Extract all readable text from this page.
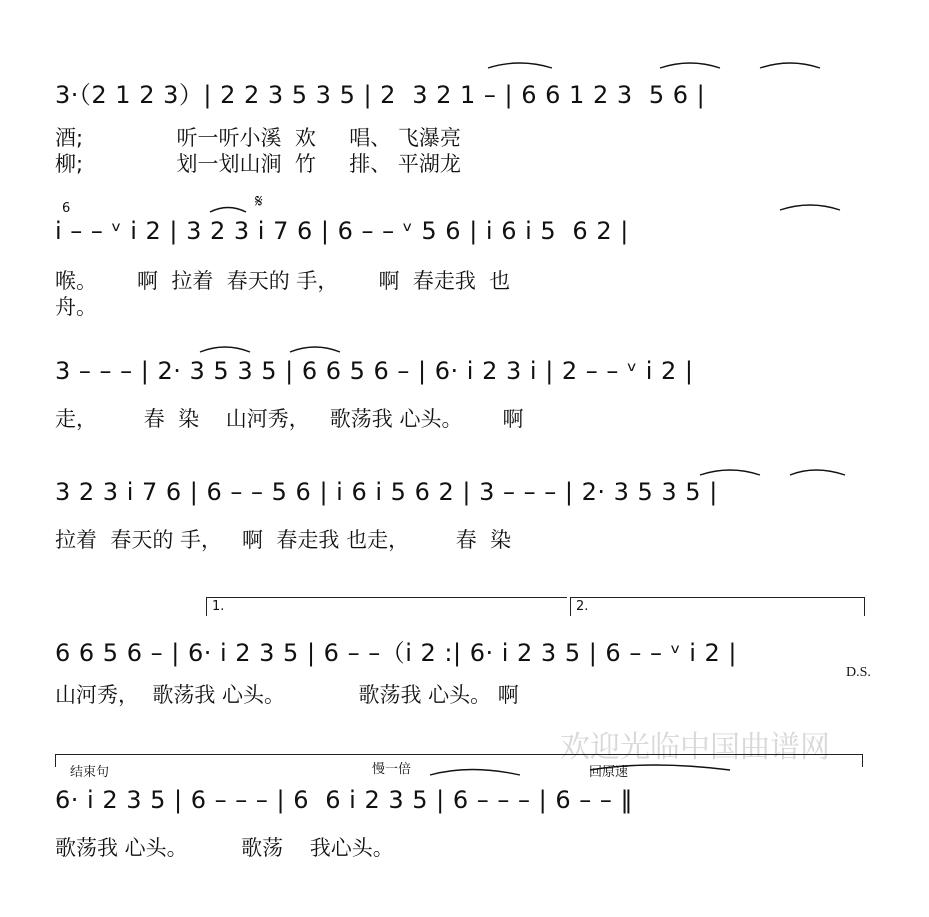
3·（2 1 2 3）| 2 2 3 5 3 5 | 2  3 2 1 – | 6 6 1 2 3  5 6 |
酒;              听一听小溪  欢     唱、 飞瀑亮
柳;              划一划山涧  竹     排、 平湖龙
6	𝄋
i – – ᵛ i 2 | 3 2 3 i 7 6 | 6 – – ᵛ 5 6 | i 6 i 5  6 2 |
喉。      啊  拉着  春天的 手，      啊  春走我  也
舟。
3 – – – | 2· 3 5 3 5 | 6 6 5 6 – | 6· i 2 3 i | 2 – – ᵛ i 2 |
走，       春  染    山河秀，   歌荡我 心头。      啊
3 2 3 i 7 6 | 6 – – 5 6 | i 6 i 5 6 2 | 3 – – – | 2· 3 5 3 5 |
拉着  春天的 手，   啊  春走我 也走，       春  染
1.	2.
6 6 5 6 – | 6· i 2 3 5 | 6 – –（i 2 :| 6· i 2 3 5 | 6 – – ᵛ i 2 |
山河秀，  歌荡我 心头。           歌荡我 心头。 啊
D.S.
欢迎光临中国曲谱网
结束句	慢一倍	回原速
6· i 2 3 5 | 6 – – – | 6  6 i 2 3 5 | 6 – – – | 6 – – ‖
歌荡我 心头。        歌荡    我心头。
